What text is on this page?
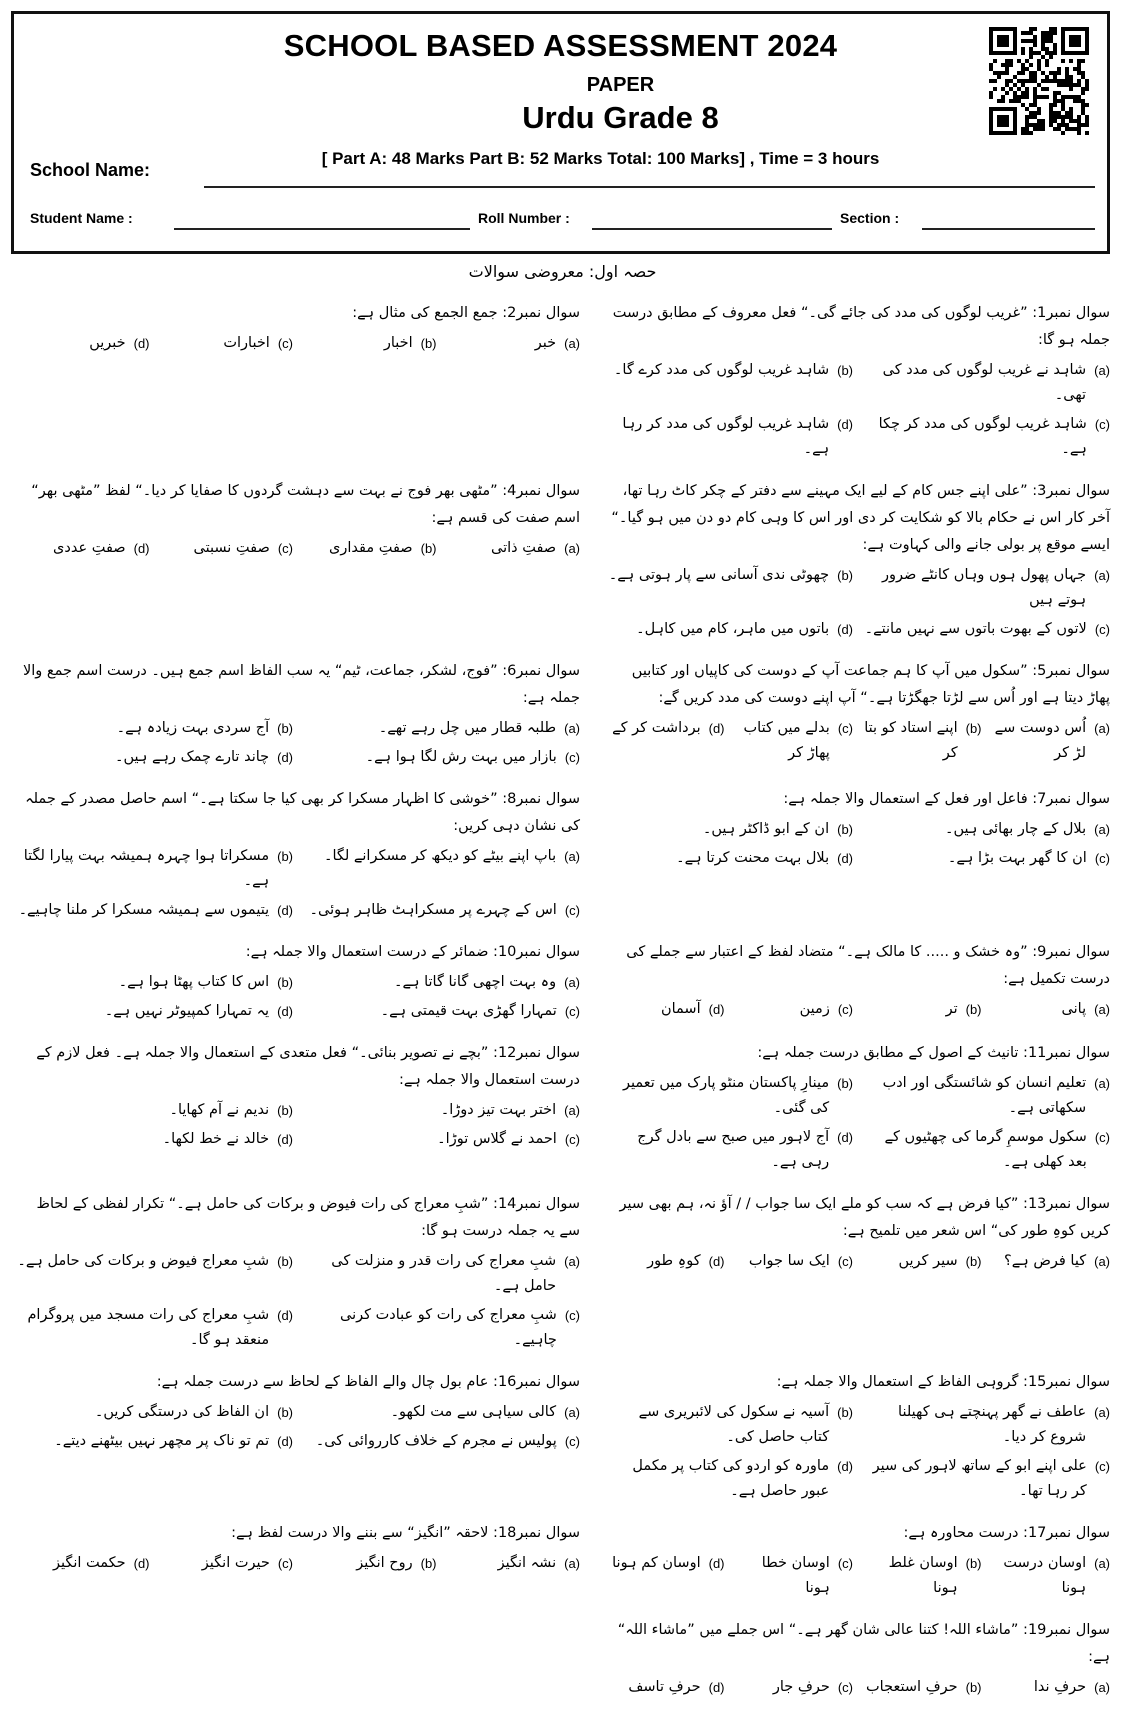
SCHOOL BASED ASSESSMENT 2024
PAPER
Urdu Grade 8
[ Part A: 48 Marks Part B: 52 Marks Total: 100 Marks] , Time = 3 hours
School Name:
Student Name :	Roll Number :	Section :
حصہ اول: معروضی سوالات
سوال نمبر1: ”غریب لوگوں کی مدد کی جائے گی۔“ فعل معروف کے مطابق درست جملہ ہو گا:
(a)
شاہد نے غریب لوگوں کی مدد کی تھی۔
(b)
شاہد غریب لوگوں کی مدد کرے گا۔
(c)
شاہد غریب لوگوں کی مدد کر چکا ہے۔
(d)
شاہد غریب لوگوں کی مدد کر رہا ہے۔
سوال نمبر2: جمع الجمع کی مثال ہے:
(a)
خبر
(b)
اخبار
(c)
اخبارات
(d)
خبریں
سوال نمبر3: ”علی اپنے جس کام کے لیے ایک مہینے سے دفتر کے چکر کاٹ رہا تھا، آخر کار اس نے حکام بالا کو شکایت کر دی اور اس کا وہی کام دو دن میں ہو گیا۔“ ایسے موقع پر بولی جانے والی کہاوت ہے:
(a)
جہاں پھول ہوں وہاں کانٹے ضرور ہوتے ہیں
(b)
چھوٹی ندی آسانی سے پار ہوتی ہے۔
(c)
لاتوں کے بھوت باتوں سے نہیں مانتے۔
(d)
باتوں میں ماہر، کام میں کاہل۔
سوال نمبر4: ”مٹھی بھر فوج نے بہت سے دہشت گردوں کا صفایا کر دیا۔“ لفظ ”مٹھی بھر“ اسم صفت کی قسم ہے:
(a)
صفتِ ذاتی
(b)
صفتِ مقداری
(c)
صفتِ نسبتی
(d)
صفتِ عددی
سوال نمبر5: ”سکول میں آپ کا ہم جماعت آپ کے دوست کی کاپیاں اور کتابیں پھاڑ دیتا ہے اور اُس سے لڑتا جھگڑتا ہے۔“ آپ اپنے دوست کی مدد کریں گے:
(a)
اُس دوست سے لڑ کر
(b)
اپنے استاد کو بتا کر
(c)
بدلے میں کتاب پھاڑ کر
(d)
برداشت کر کے
سوال نمبر6: ”فوج، لشکر، جماعت، ٹیم“ یہ سب الفاظ اسم جمع ہیں۔ درست اسم جمع والا جملہ ہے:
(a)
طلبہ قطار میں چل رہے تھے۔
(b)
آج سردی بہت زیادہ ہے۔
(c)
بازار میں بہت رش لگا ہوا ہے۔
(d)
چاند تارے چمک رہے ہیں۔
سوال نمبر7: فاعل اور فعل کے استعمال والا جملہ ہے:
(a)
بلال کے چار بھائی ہیں۔
(b)
ان کے ابو ڈاکٹر ہیں۔
(c)
ان کا گھر بہت بڑا ہے۔
(d)
بلال بہت محنت کرتا ہے۔
سوال نمبر8: ”خوشی کا اظہار مسکرا کر بھی کیا جا سکتا ہے۔“ اسم حاصل مصدر کے جملہ کی نشان دہی کریں:
(a)
باپ اپنے بیٹے کو دیکھ کر مسکرانے لگا۔
(b)
مسکراتا ہوا چہرہ ہمیشہ بہت پیارا لگتا ہے۔
(c)
اس کے چہرے پر مسکراہٹ ظاہر ہوئی۔
(d)
یتیموں سے ہمیشہ مسکرا کر ملنا چاہیے۔
سوال نمبر9: ”وہ خشک و ..... کا مالک ہے۔“ متضاد لفظ کے اعتبار سے جملے کی درست تکمیل ہے:
(a)
پانی
(b)
تر
(c)
زمین
(d)
آسمان
سوال نمبر10: ضمائر کے درست استعمال والا جملہ ہے:
(a)
وہ بہت اچھی گانا گاتا ہے۔
(b)
اس کا کتاب پھٹا ہوا ہے۔
(c)
تمہارا گھڑی بہت قیمتی ہے۔
(d)
یہ تمہارا کمپیوٹر نہیں ہے۔
سوال نمبر11: تانیث کے اصول کے مطابق درست جملہ ہے:
(a)
تعلیم انسان کو شائستگی اور ادب سکھاتی ہے۔
(b)
مینارِ پاکستان منٹو پارک میں تعمیر کی گئی۔
(c)
سکول موسمِ گرما کی چھٹیوں کے بعد کھلی ہے۔
(d)
آج لاہور میں صبح سے بادل گرج رہی ہے۔
سوال نمبر12: ”بچے نے تصویر بنائی۔“ فعل متعدی کے استعمال والا جملہ ہے۔ فعل لازم کے درست استعمال والا جملہ ہے:
(a)
اختر بہت تیز دوڑا۔
(b)
ندیم نے آم کھایا۔
(c)
احمد نے گلاس توڑا۔
(d)
خالد نے خط لکھا۔
سوال نمبر13: ”کیا فرض ہے کہ سب کو ملے ایک سا جواب / / آؤ نہ، ہم بھی سیر کریں کوہِ طور کی“ اس شعر میں تلمیح ہے:
(a)
کیا فرض ہے؟
(b)
سیر کریں
(c)
ایک سا جواب
(d)
کوہِ طور
سوال نمبر14: ”شبِ معراج کی رات فیوض و برکات کی حامل ہے۔“ تکرار لفظی کے لحاظ سے یہ جملہ درست ہو گا:
(a)
شبِ معراج کی رات قدر و منزلت کی حامل ہے۔
(b)
شبِ معراج فیوض و برکات کی حامل ہے۔
(c)
شبِ معراج کی رات کو عبادت کرنی چاہیے۔
(d)
شبِ معراج کی رات مسجد میں پروگرام منعقد ہو گا۔
سوال نمبر15: گروہی الفاظ کے استعمال والا جملہ ہے:
(a)
عاطف نے گھر پہنچتے ہی کھیلنا شروع کر دیا۔
(b)
آسیہ نے سکول کی لائبریری سے کتاب حاصل کی۔
(c)
علی اپنے ابو کے ساتھ لاہور کی سیر کر رہا تھا۔
(d)
ماورہ کو اردو کی کتاب پر مکمل عبور حاصل ہے۔
سوال نمبر16: عام بول چال والے الفاظ کے لحاظ سے درست جملہ ہے:
(a)
کالی سیاہی سے مت لکھو۔
(b)
ان الفاظ کی درستگی کریں۔
(c)
پولیس نے مجرم کے خلاف کارروائی کی۔
(d)
تم تو ناک پر مچھر نہیں بیٹھنے دیتے۔
سوال نمبر17: درست محاورہ ہے:
(a)
اوسان درست ہونا
(b)
اوسان غلط ہونا
(c)
اوسان خطا ہونا
(d)
اوسان کم ہونا
سوال نمبر18: لاحقہ ”انگیز“ سے بننے والا درست لفظ ہے:
(a)
نشہ انگیز
(b)
روح انگیز
(c)
حیرت انگیز
(d)
حکمت انگیز
سوال نمبر19: ”ماشاء اللہ! کتنا عالی شان گھر ہے۔“ اس جملے میں ”ماشاء اللہ“ ہے:
(a)
حرفِ ندا
(b)
حرفِ استعجاب
(c)
حرفِ جار
(d)
حرفِ تاسف
